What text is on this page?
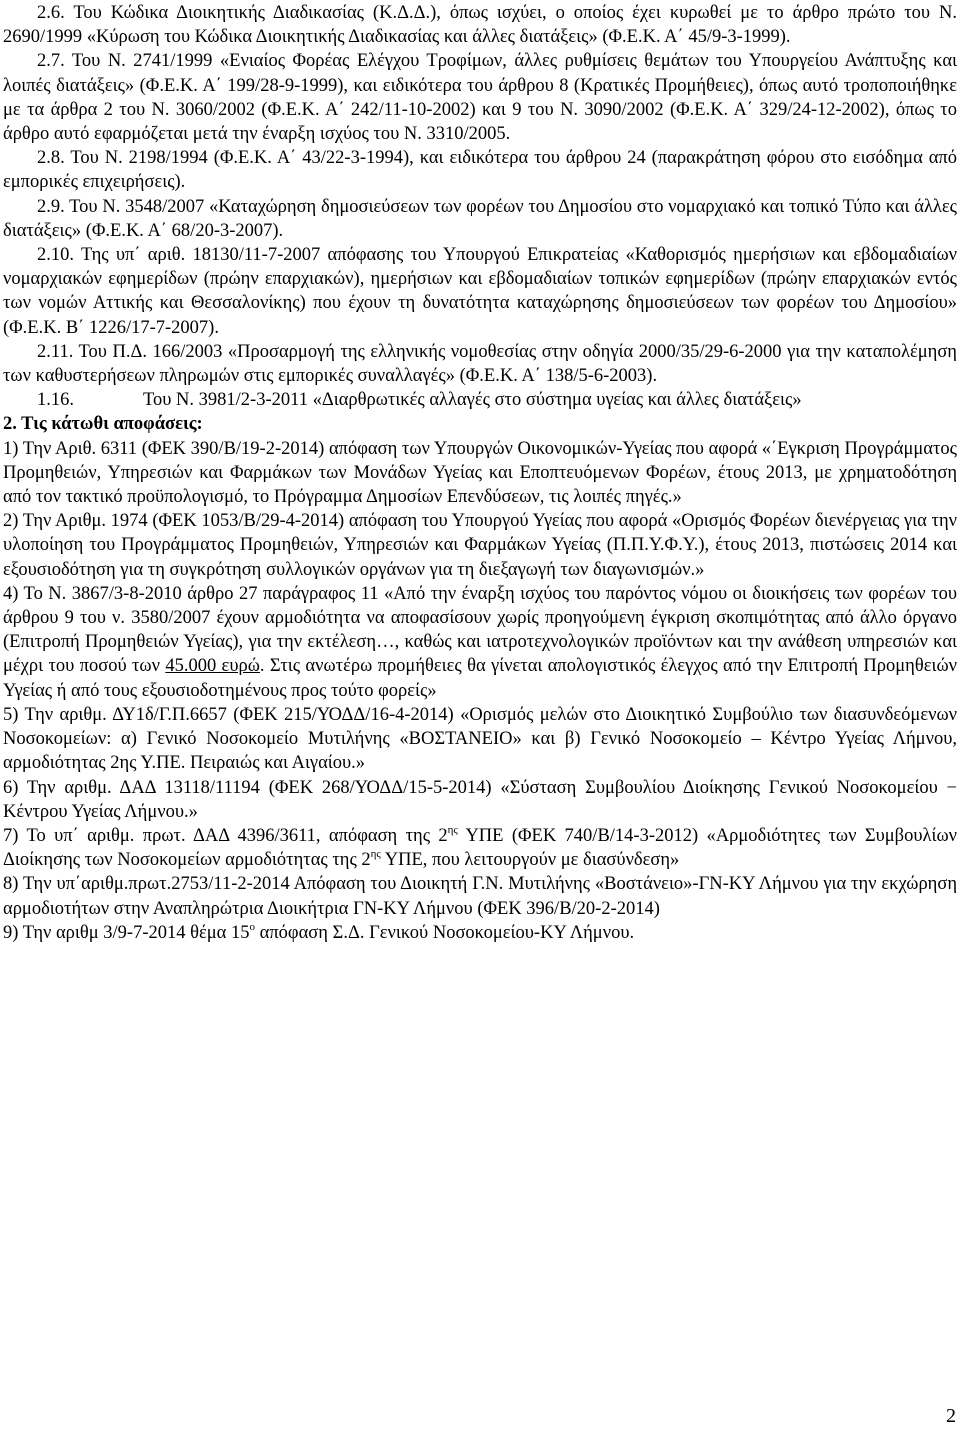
2.6. Του Κώδικα Διοικητικής Διαδικασίας (Κ.Δ.Δ.), όπως ισχύει, ο οποίος έχει κυρωθεί με το άρθρο πρώτο του Ν. 2690/1999 «Κύρωση του Κώδικα Διοικητικής Διαδικασίας και άλλες διατάξεις» (Φ.Ε.Κ. Α΄ 45/9-3-1999).

2.7. Του Ν. 2741/1999 «Ενιαίος Φορέας Ελέγχου Τροφίμων, άλλες ρυθμίσεις θεμάτων του Υπουργείου Ανάπτυξης και λοιπές διατάξεις» (Φ.Ε.Κ. Α΄ 199/28-9-1999), και ειδικότερα του άρθρου 8 (Κρατικές Προμήθειες), όπως αυτό τροποποιήθηκε με τα άρθρα 2 του Ν. 3060/2002 (Φ.Ε.Κ. Α΄ 242/11-10-2002) και 9 του Ν. 3090/2002 (Φ.Ε.Κ. Α΄ 329/24-12-2002), όπως το άρθρο αυτό εφαρμόζεται μετά την έναρξη ισχύος του Ν. 3310/2005.

2.8. Του Ν. 2198/1994 (Φ.Ε.Κ. Α΄ 43/22-3-1994), και ειδικότερα του άρθρου 24 (παρακράτηση φόρου στο εισόδημα από εμπορικές επιχειρήσεις).

2.9. Του Ν. 3548/2007 «Καταχώρηση δημοσιεύσεων των φορέων του Δημοσίου στο νομαρχιακό και τοπικό Τύπο και άλλες διατάξεις» (Φ.Ε.Κ. Α΄ 68/20-3-2007).

2.10. Της υπ΄ αριθ. 18130/11-7-2007 απόφασης του Υπουργού Επικρατείας «Καθορισμός ημερήσιων και εβδομαδιαίων νομαρχιακών εφημερίδων (πρώην επαρχιακών), ημερήσιων και εβδομαδιαίων τοπικών εφημερίδων (πρώην επαρχιακών εντός των νομών Αττικής και Θεσσαλονίκης) που έχουν τη δυνατότητα καταχώρησης δημοσιεύσεων των φορέων του Δημοσίου» (Φ.Ε.Κ. Β΄ 1226/17-7-2007).

2.11. Του Π.Δ. 166/2003 «Προσαρμογή της ελληνικής νομοθεσίας στην οδηγία 2000/35/29-6-2000 για την καταπολέμηση των καθυστερήσεων πληρωμών στις εμπορικές συναλλαγές» (Φ.Ε.Κ. Α΄ 138/5-6-2003).

1.16.	Του Ν. 3981/2-3-2011 «Διαρθρωτικές αλλαγές στο σύστημα υγείας και άλλες διατάξεις»

2. Τις κάτωθι αποφάσεις:

1) Την Αριθ. 6311 (ΦΕΚ 390/Β/19-2-2014) απόφαση των Υπουργών Οικονομικών-Υγείας που αφορά «΄Εγκριση Προγράμματος Προμηθειών, Υπηρεσιών και Φαρμάκων των Μονάδων Υγείας και Εποπτευόμενων Φορέων, έτους 2013, με χρηματοδότηση από τον τακτικό προϋπολογισμό, το Πρόγραμμα Δημοσίων Επενδύσεων, τις λοιπές πηγές.»

2) Την Αριθμ. 1974 (ΦΕΚ 1053/Β/29-4-2014) απόφαση του Υπουργού Υγείας που αφορά «Ορισμός Φορέων διενέργειας για την υλοποίηση του Προγράμματος Προμηθειών, Υπηρεσιών και Φαρμάκων Υγείας (Π.Π.Υ.Φ.Υ.), έτους 2013, πιστώσεις 2014 και εξουσιοδότηση για τη συγκρότηση συλλογικών οργάνων για τη διεξαγωγή των διαγωνισμών.»

4) Το Ν. 3867/3-8-2010 άρθρο 27 παράγραφος 11 «Από την έναρξη ισχύος του παρόντος νόμου οι διοικήσεις των φορέων του άρθρου 9 του ν. 3580/2007 έχουν αρμοδιότητα να αποφασίσουν χωρίς προηγούμενη έγκριση σκοπιμότητας από άλλο όργανο (Επιτροπή Προμηθειών Υγείας), για την εκτέλεση…, καθώς και ιατροτεχνολογικών προϊόντων και την ανάθεση υπηρεσιών και μέχρι του ποσού των 45.000 ευρώ. Στις ανωτέρω προμήθειες θα γίνεται απολογιστικός έλεγχος από την Επιτροπή Προμηθειών Υγείας ή από τους εξουσιοδοτημένους προς τούτο φορείς»

5) Την αριθμ. ΔΥ1δ/Γ.Π.6657 (ΦΕΚ 215/ΥΟΔΔ/16-4-2014) «Ορισμός μελών στο Διοικητικό Συμβούλιο των διασυνδεόμενων Νοσοκομείων: α) Γενικό Νοσοκομείο Μυτιλήνης «ΒΟΣΤΑΝΕΙΟ» και β) Γενικό Νοσοκομείο – Κέντρο Υγείας Λήμνου, αρμοδιότητας 2ης Υ.ΠΕ. Πειραιώς και Αιγαίου.»

6) Την αριθμ. ΔΑΔ 13118/11194 (ΦΕΚ 268/ΥΟΔΔ/15-5-2014) «Σύσταση Συμβουλίου Διοίκησης Γενικού Νοσοκομείου − Κέντρου Υγείας Λήμνου.»

7) Το υπ΄ αριθμ. πρωτ. ΔΑΔ 4396/3611, απόφαση της $2^{\eta\varsigma}$ ΥΠΕ (ΦΕΚ 740/Β/14-3-2012) «Αρμοδιότητες των Συμβουλίων Διοίκησης των Νοσοκομείων αρμοδιότητας της $2^{\eta\varsigma}$ ΥΠΕ, που λειτουργούν με διασύνδεση»

8) Την υπ΄αριθμ.πρωτ.2753/11-2-2014 Απόφαση του Διοικητή Γ.Ν. Μυτιλήνης «Βοστάνειο»-ΓΝ-ΚΥ Λήμνου για την εκχώρηση αρμοδιοτήτων στην Αναπληρώτρια Διοικήτρια ΓΝ-ΚΥ Λήμνου (ΦΕΚ 396/Β/20-2-2014)

9) Την αριθμ 3/9-7-2014 θέμα $15^o$ απόφαση Σ.Δ. Γενικού Νοσοκομείου-ΚΥ Λήμνου.

2
